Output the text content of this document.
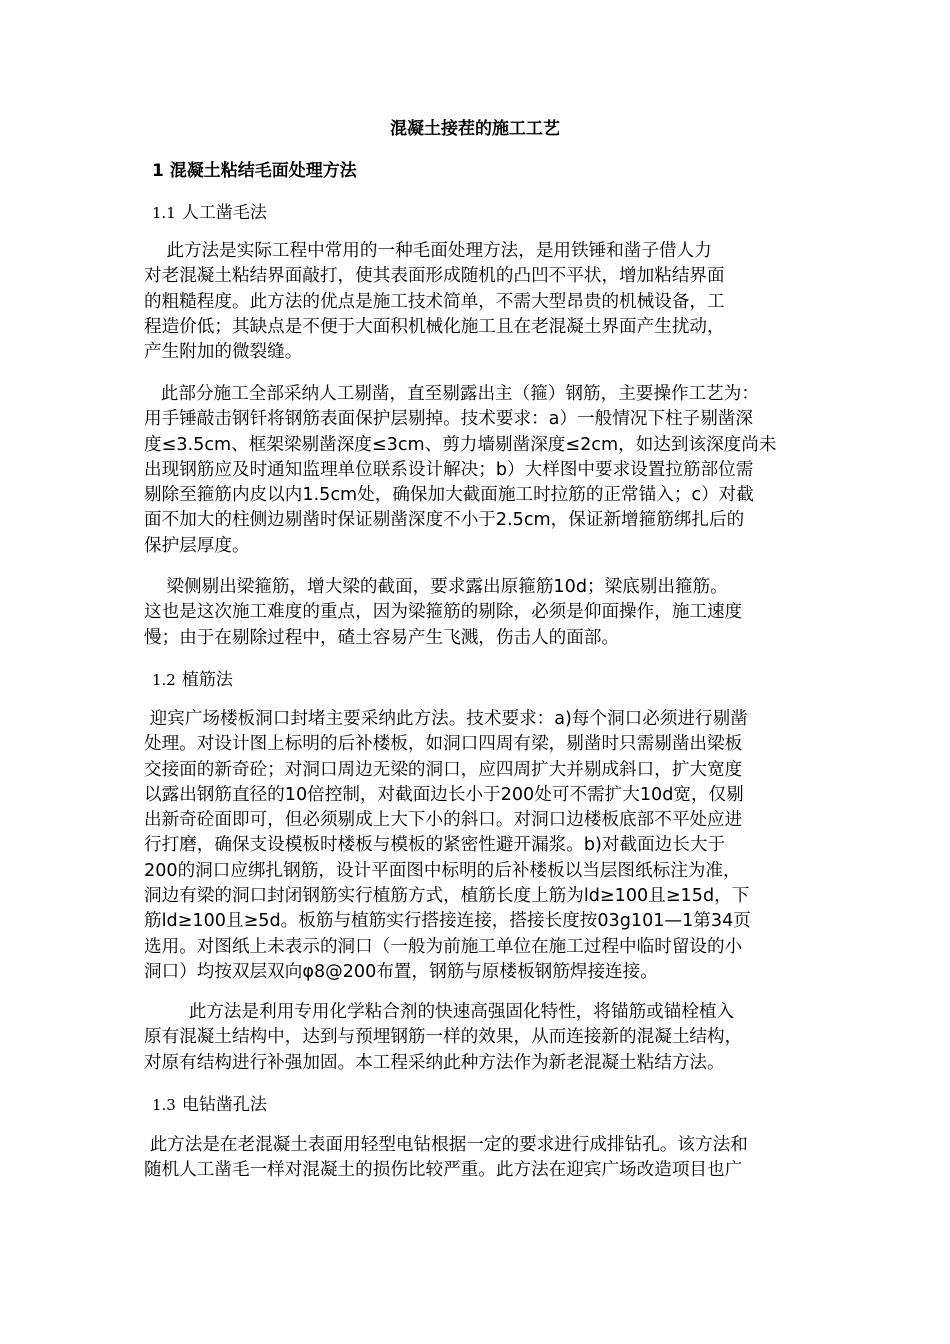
混凝土接茬的施工工艺
1 混凝土粘结毛面处理方法
1.1 人工凿毛法
此方法是实际工程中常用的一种毛面处理方法，是用铁锤和凿子借人力
对老混凝土粘结界面敲打，使其表面形成随机的凸凹不平状，增加粘结界面
的粗糙程度。此方法的优点是施工技术简单，不需大型昂贵的机械设备，工
程造价低；其缺点是不便于大面积机械化施工且在老混凝土界面产生扰动，
产生附加的微裂缝。
此部分施工全部采纳人工剔凿，直至剔露出主（箍）钢筋，主要操作工艺为：
用手锤敲击钢钎将钢筋表面保护层剔掉。技术要求：a）一般情况下柱子剔凿深
度≤3.5cm、框架梁剔凿深度≤3cm、剪力墙剔凿深度≤2cm，如达到该深度尚未
出现钢筋应及时通知监理单位联系设计解决；b）大样图中要求设置拉筋部位需
剔除至箍筋内皮以内1.5cm处，确保加大截面施工时拉筋的正常锚入；c）对截
面不加大的柱侧边剔凿时保证剔凿深度不小于2.5cm，保证新增箍筋绑扎后的
保护层厚度。
梁侧剔出梁箍筋，增大梁的截面，要求露出原箍筋10d；梁底剔出箍筋。
这也是这次施工难度的重点，因为梁箍筋的剔除，必须是仰面操作，施工速度
慢；由于在剔除过程中，碴土容易产生飞溅，伤击人的面部。
1.2 植筋法
迎宾广场楼板洞口封堵主要采纳此方法。技术要求：a)每个洞口必须进行剔凿
处理。对设计图上标明的后补楼板，如洞口四周有梁，剔凿时只需剔凿出梁板
交接面的新奇砼；对洞口周边无梁的洞口，应四周扩大并剔成斜口，扩大宽度
以露出钢筋直径的10倍控制，对截面边长小于200处可不需扩大10d宽，仅剔
出新奇砼面即可，但必须剔成上大下小的斜口。对洞口边楼板底部不平处应进
行打磨，确保支设模板时楼板与模板的紧密性避开漏浆。b)对截面边长大于
200的洞口应绑扎钢筋，设计平面图中标明的后补楼板以当层图纸标注为准，
洞边有梁的洞口封闭钢筋实行植筋方式，植筋长度上筋为ld≥100且≥15d，下
筋ld≥100且≥5d。板筋与植筋实行搭接连接，搭接长度按03g101—1第34页
选用。对图纸上未表示的洞口（一般为前施工单位在施工过程中临时留设的小
洞口）均按双层双向φ8@200布置，钢筋与原楼板钢筋焊接连接。
此方法是利用专用化学粘合剂的快速高强固化特性，将锚筋或锚栓植入
原有混凝土结构中，达到与预埋钢筋一样的效果，从而连接新的混凝土结构，
对原有结构进行补强加固。本工程采纳此种方法作为新老混凝土粘结方法。
1.3 电钻凿孔法
此方法是在老混凝土表面用轻型电钻根据一定的要求进行成排钻孔。该方法和
随机人工凿毛一样对混凝土的损伤比较严重。此方法在迎宾广场改造项目也广
